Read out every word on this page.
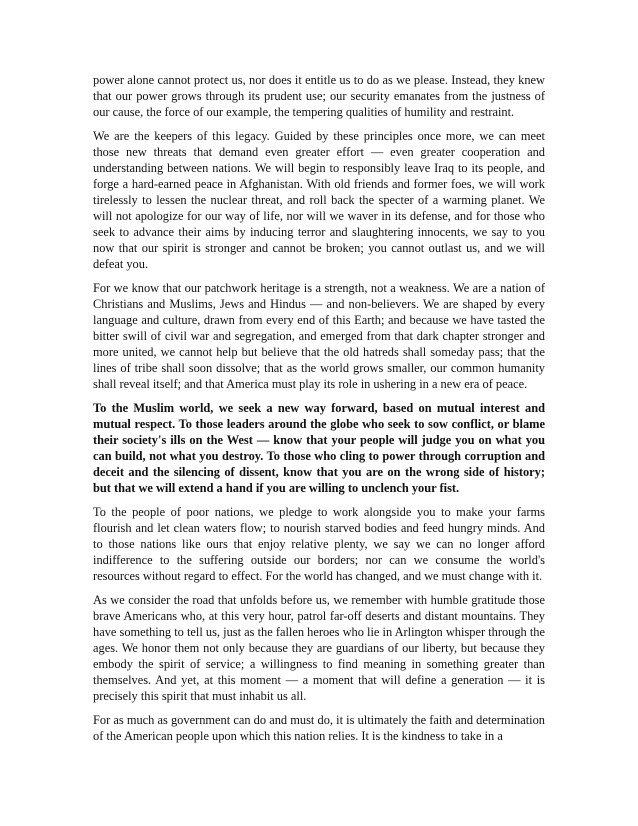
power alone cannot protect us, nor does it entitle us to do as we please. Instead, they knew that our power grows through its prudent use; our security emanates from the justness of our cause, the force of our example, the tempering qualities of humility and restraint.

We are the keepers of this legacy. Guided by these principles once more, we can meet those new threats that demand even greater effort — even greater cooperation and understanding between nations. We will begin to responsibly leave Iraq to its people, and forge a hard-earned peace in Afghanistan. With old friends and former foes, we will work tirelessly to lessen the nuclear threat, and roll back the specter of a warming planet. We will not apologize for our way of life, nor will we waver in its defense, and for those who seek to advance their aims by inducing terror and slaughtering innocents, we say to you now that our spirit is stronger and cannot be broken; you cannot outlast us, and we will defeat you.

For we know that our patchwork heritage is a strength, not a weakness. We are a nation of Christians and Muslims, Jews and Hindus — and non-believers. We are shaped by every language and culture, drawn from every end of this Earth; and because we have tasted the bitter swill of civil war and segregation, and emerged from that dark chapter stronger and more united, we cannot help but believe that the old hatreds shall someday pass; that the lines of tribe shall soon dissolve; that as the world grows smaller, our common humanity shall reveal itself; and that America must play its role in ushering in a new era of peace.

To the Muslim world, we seek a new way forward, based on mutual interest and mutual respect. To those leaders around the globe who seek to sow conflict, or blame their society's ills on the West — know that your people will judge you on what you can build, not what you destroy. To those who cling to power through corruption and deceit and the silencing of dissent, know that you are on the wrong side of history; but that we will extend a hand if you are willing to unclench your fist.

To the people of poor nations, we pledge to work alongside you to make your farms flourish and let clean waters flow; to nourish starved bodies and feed hungry minds. And to those nations like ours that enjoy relative plenty, we say we can no longer afford indifference to the suffering outside our borders; nor can we consume the world's resources without regard to effect. For the world has changed, and we must change with it.

As we consider the road that unfolds before us, we remember with humble gratitude those brave Americans who, at this very hour, patrol far-off deserts and distant mountains. They have something to tell us, just as the fallen heroes who lie in Arlington whisper through the ages. We honor them not only because they are guardians of our liberty, but because they embody the spirit of service; a willingness to find meaning in something greater than themselves. And yet, at this moment — a moment that will define a generation — it is precisely this spirit that must inhabit us all.

For as much as government can do and must do, it is ultimately the faith and determination of the American people upon which this nation relies. It is the kindness to take in a
